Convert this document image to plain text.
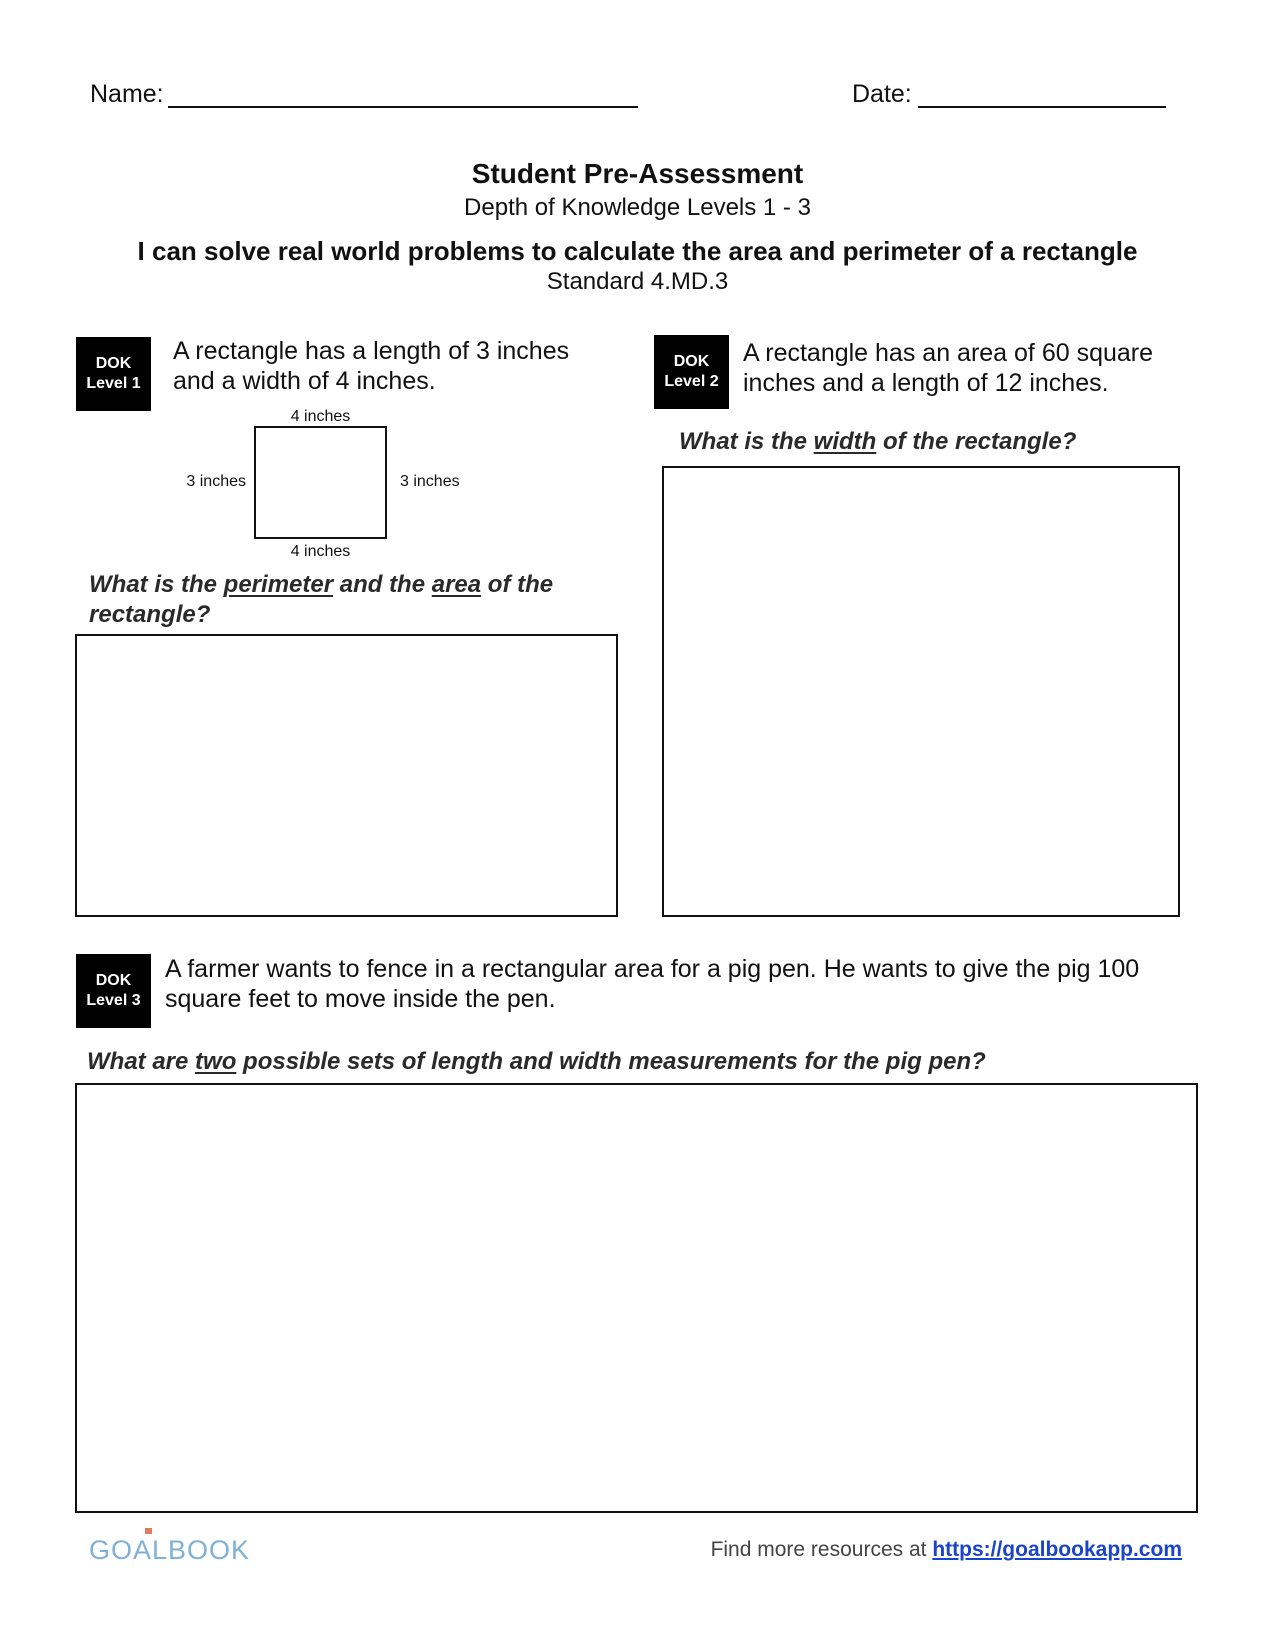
Name:	Date:
Student Pre-Assessment
Depth of Knowledge Levels 1 - 3
I can solve real world problems to calculate the area and perimeter of a rectangle
Standard 4.MD.3
DOK
Level 1
A rectangle has a length of 3 inches and a width of 4 inches.
4 inches
4 inches
3 inches	3 inches
What is the perimeter and the area of the rectangle?
DOK
Level 2
A rectangle has an area of 60 square inches and a length of 12 inches.
What is the width of the rectangle?
DOK
Level 3
A farmer wants to fence in a rectangular area for a pig pen. He wants to give the pig 100 square feet to move inside the pen.
What are two possible sets of length and width measurements for the pig pen?
GOALBOOK	Find more resources at https://goalbookapp.com
